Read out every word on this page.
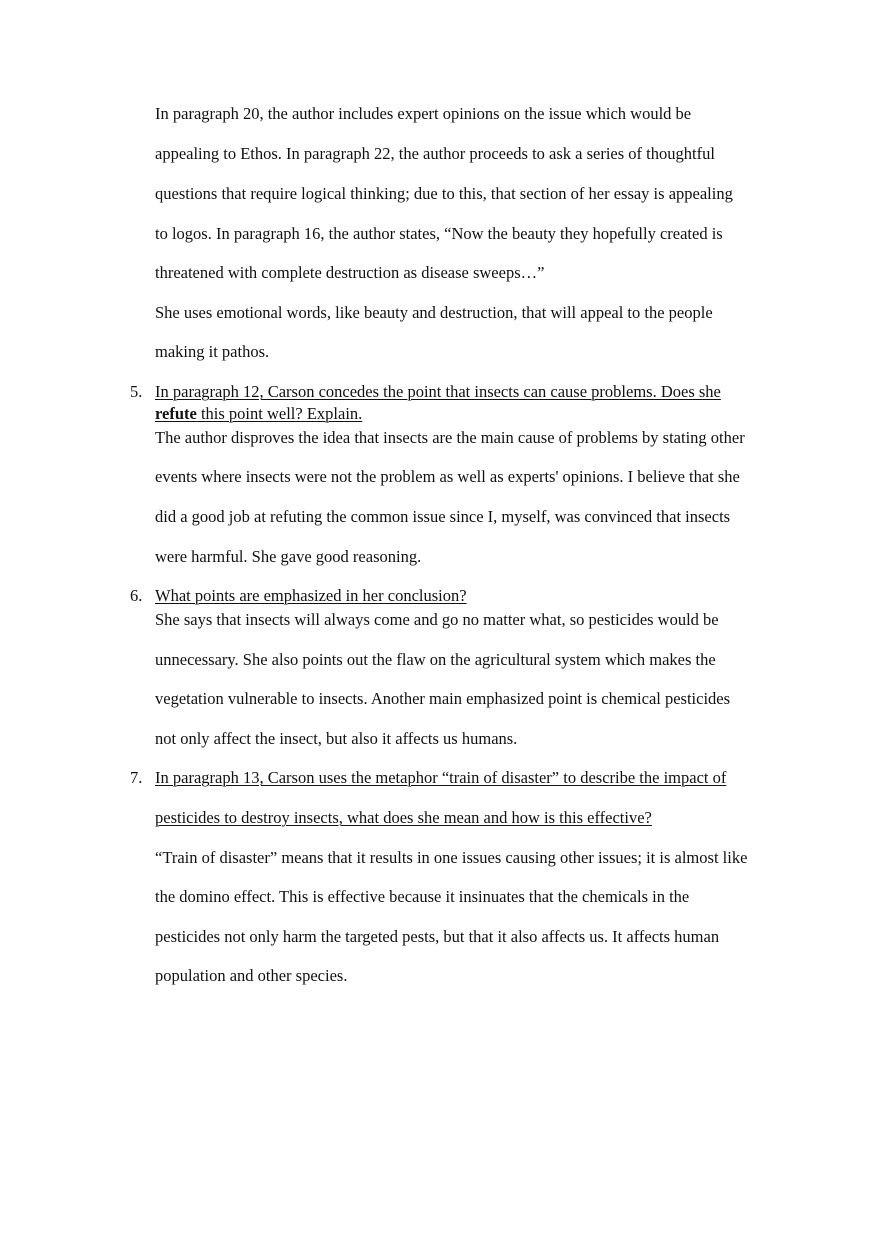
In paragraph 20, the author includes expert opinions on the issue which would be

appealing to Ethos. In paragraph 22, the author proceeds to ask a series of thoughtful

questions that require logical thinking; due to this, that section of her essay is appealing

to logos. In paragraph 16, the author states, “Now the beauty they hopefully created is

threatened with complete destruction as disease sweeps…”

She uses emotional words, like beauty and destruction, that will appeal to the people

making it pathos.

5. In paragraph 12, Carson concedes the point that insects can cause problems. Does she

refute this point well? Explain.

The author disproves the idea that insects are the main cause of problems by stating other

events where insects were not the problem as well as experts' opinions. I believe that she

did a good job at refuting the common issue since I, myself, was convinced that insects

were harmful. She gave good reasoning.

6. What points are emphasized in her conclusion?

She says that insects will always come and go no matter what, so pesticides would be

unnecessary. She also points out the flaw on the agricultural system which makes the

vegetation vulnerable to insects. Another main emphasized point is chemical pesticides

not only affect the insect, but also it affects us humans.

7. In paragraph 13, Carson uses the metaphor “train of disaster” to describe the impact of

pesticides to destroy insects, what does she mean and how is this effective?

“Train of disaster” means that it results in one issues causing other issues; it is almost like

the domino effect. This is effective because it insinuates that the chemicals in the

pesticides not only harm the targeted pests, but that it also affects us. It affects human

population and other species.
